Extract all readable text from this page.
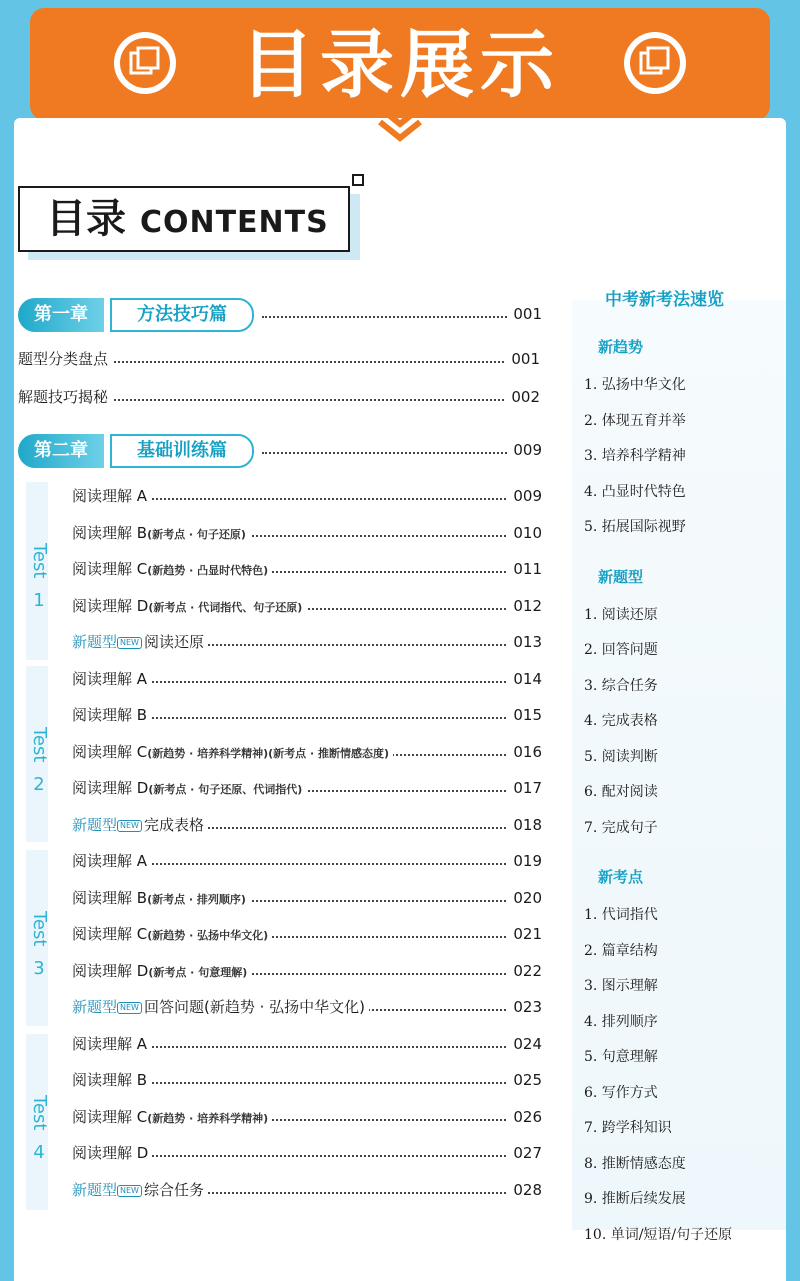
目录展示
目录 CONTENTS
中考新考法速览
第一章	方法技巧篇	001
第二章	基础训练篇	009
题型分类盘点	001
解题技巧揭秘	002
Test
1
Test
2
Test
3
Test
4
阅读理解 A	009
阅读理解 B(新考点 · 句子还原)	010
阅读理解 C(新趋势 · 凸显时代特色)	011
阅读理解 D(新考点 · 代词指代、句子还原)	012
新题型 NEW 阅读还原	013
阅读理解 A	014
阅读理解 B	015
阅读理解 C(新趋势 · 培养科学精神)(新考点 · 推断情感态度)	016
阅读理解 D(新考点 · 句子还原、代词指代)	017
新题型 NEW 完成表格	018
阅读理解 A	019
阅读理解 B(新考点 · 排列顺序)	020
阅读理解 C(新趋势 · 弘扬中华文化)	021
阅读理解 D(新考点 · 句意理解)	022
新题型 NEW 回答问题(新趋势 · 弘扬中华文化)	023
阅读理解 A	024
阅读理解 B	025
阅读理解 C(新趋势 · 培养科学精神)	026
阅读理解 D	027
新题型 NEW 综合任务	028
新趋势
1. 弘扬中华文化
2. 体现五育并举
3. 培养科学精神
4. 凸显时代特色
5. 拓展国际视野
新题型
1. 阅读还原
2. 回答问题
3. 综合任务
4. 完成表格
5. 阅读判断
6. 配对阅读
7. 完成句子
新考点
1. 代词指代
2. 篇章结构
3. 图示理解
4. 排列顺序
5. 句意理解
6. 写作方式
7. 跨学科知识
8. 推断情感态度
9. 推断后续发展
10. 单词/短语/句子还原
